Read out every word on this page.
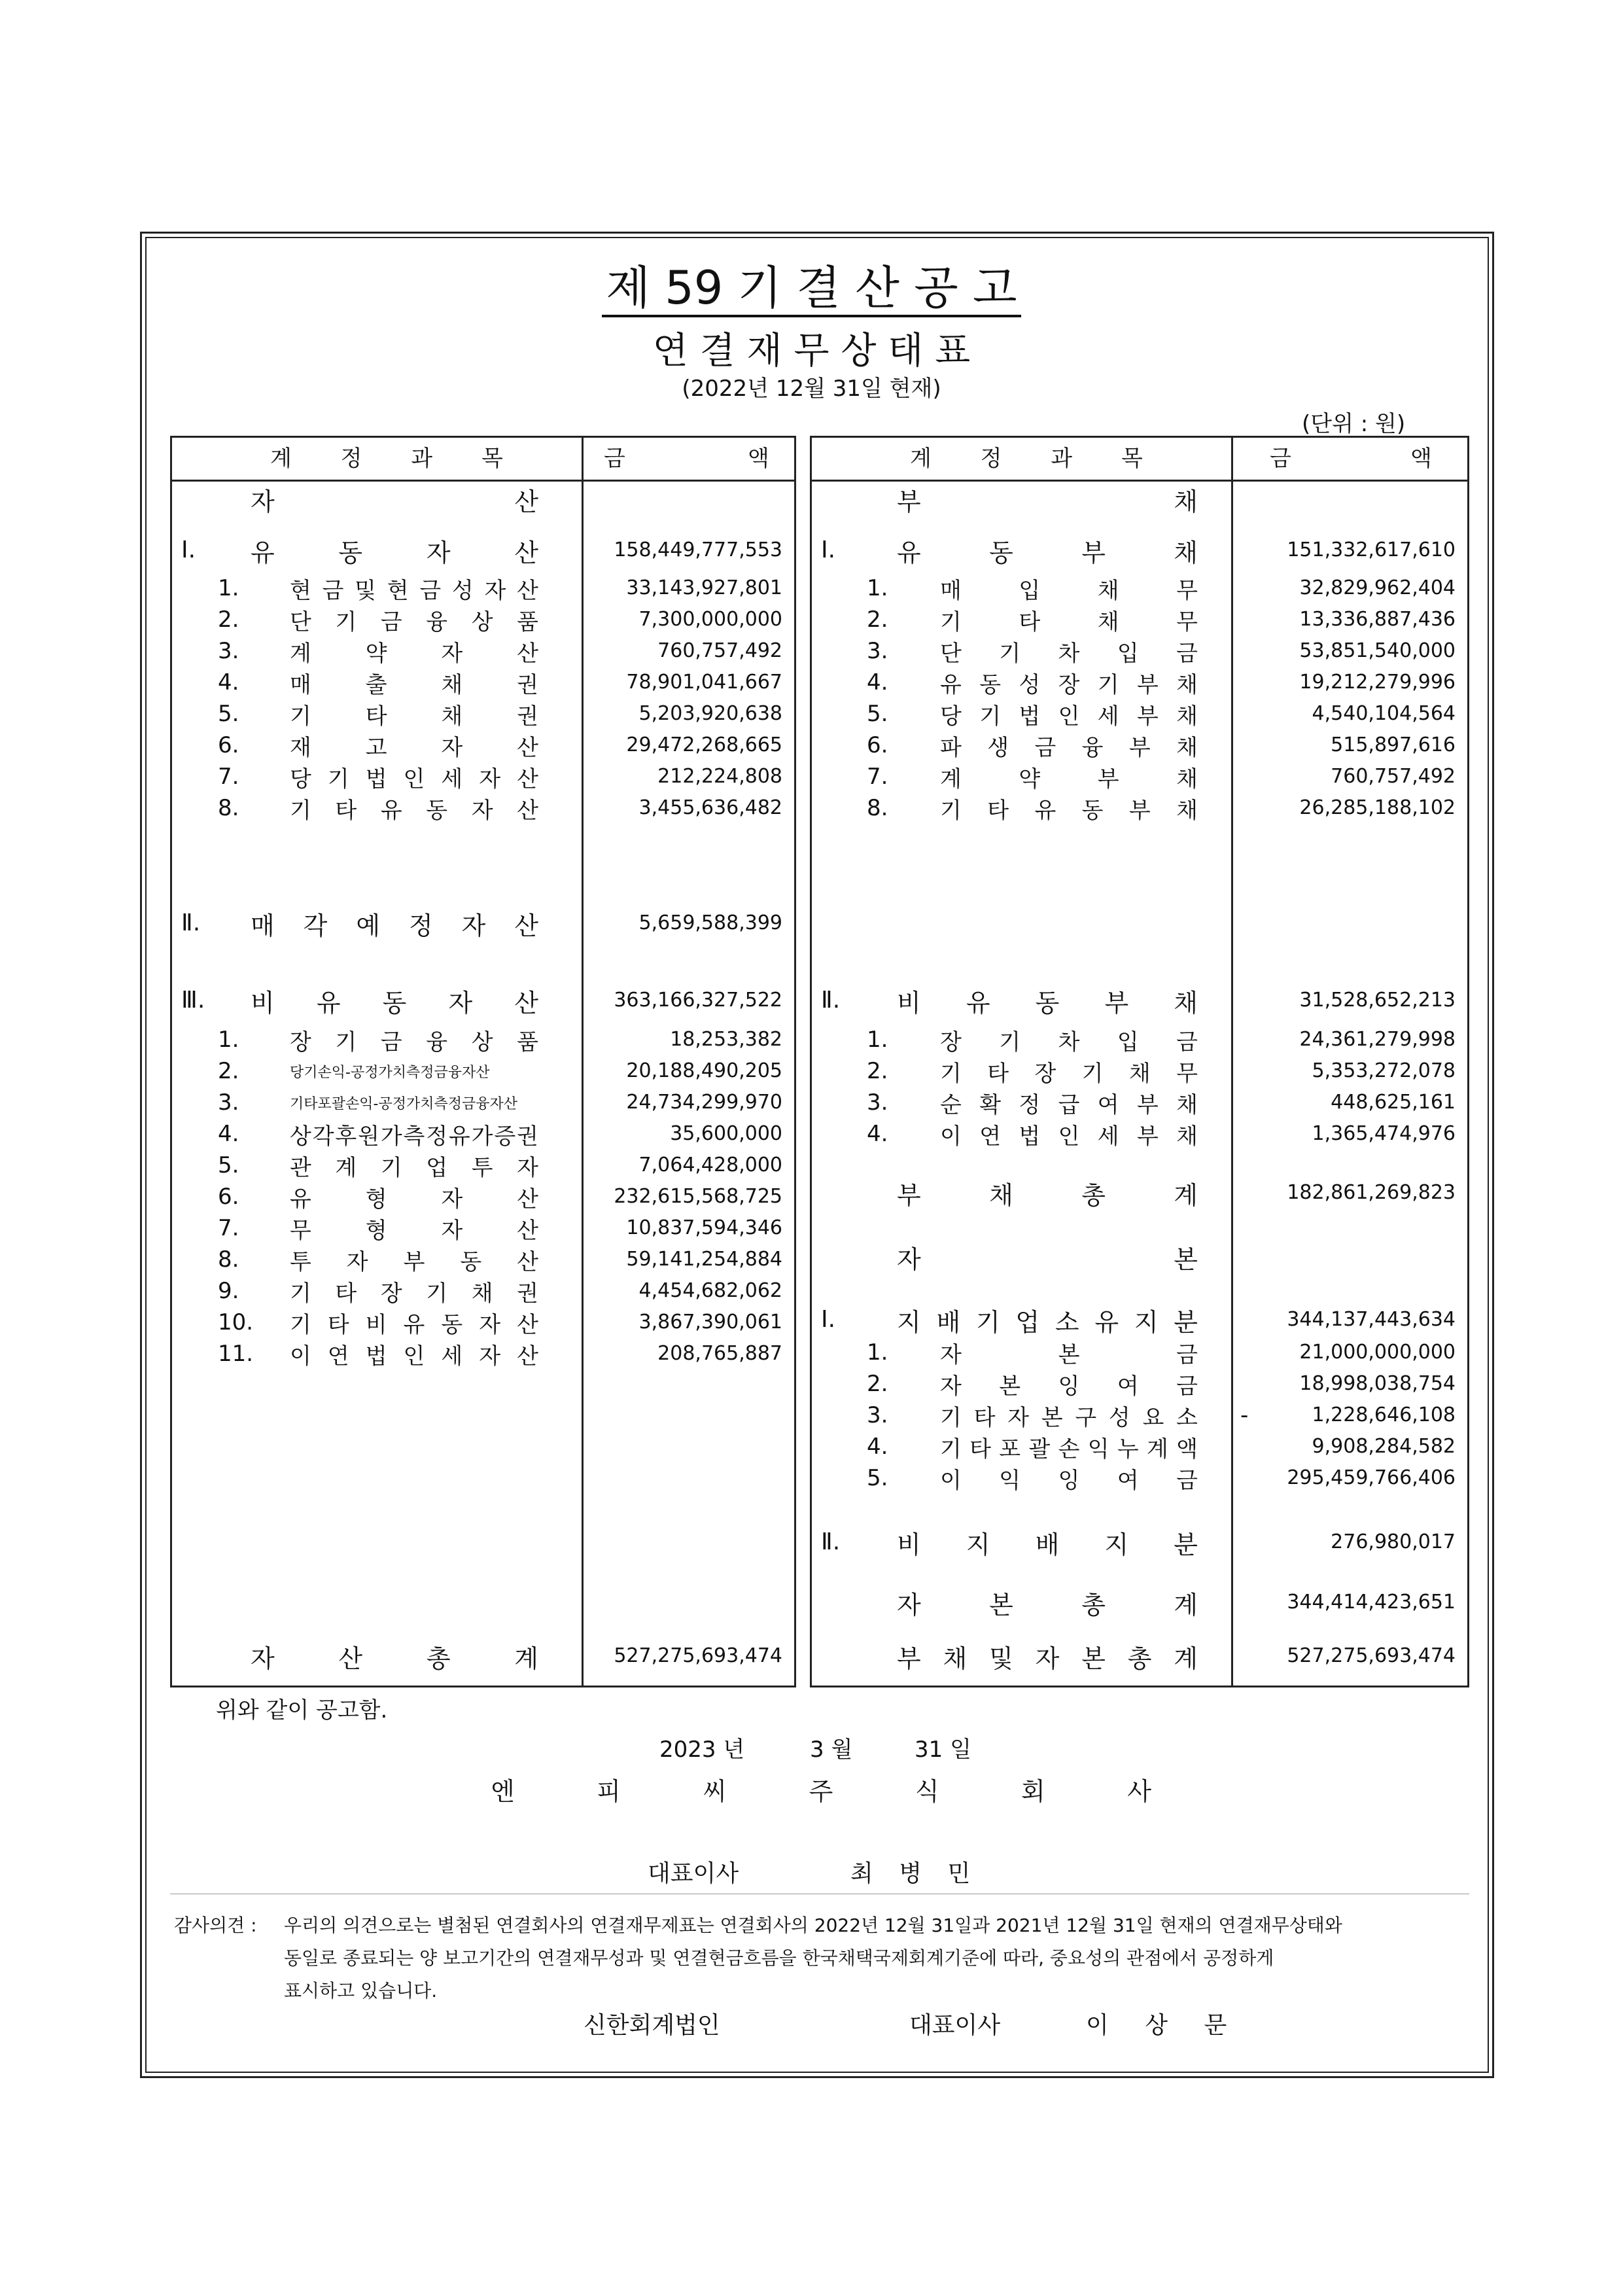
제 59 기 결 산 공 고
연 결 재 무 상 태 표
(2022년 12월 31일 현재)
(단위 : 원)
계 정 과 목	금	액
자	산
Ⅰ. 유	동	자	산	158,449,777,553
1. 현 금 및 현 금 성 자 산	33,143,927,801
2. 단 기 금 융 상 품	7,300,000,000
3. 계 약 자 산	760,757,492
4. 매 출 채 권	78,901,041,667
5. 기 타 채 권	5,203,920,638
6. 재 고 자 산	29,472,268,665
7. 당 기 법 인 세 자 산	212,224,808
8. 기 타 유 동 자 산	3,455,636,482
Ⅱ. 매 각 예 정 자 산	5,659,588,399
Ⅲ. 비 유 동 자 산	363,166,327,522
1. 장 기 금 융 상 품	18,253,382
2.	당기손익-공정가치측정금융자산	20,188,490,205
3.	기타포괄손익-공정가치측정금융자산	24,734,299,970
4. 상 각 후 원 가 측 정 유 가 증 권	35,600,000
5. 관 계 기 업 투 자	7,064,428,000
6. 유 형 자 산	232,615,568,725
7. 무 형 자 산	10,837,594,346
8. 투 자 부 동 산	59,141,254,884
9. 기 타 장 기 채 권	4,454,682,062
10. 기 타 비 유 동 자 산	3,867,390,061
11. 이 연 법 인 세 자 산	208,765,887
자	산	총	계	527,275,693,474
계 정 과 목	금	액
부	채
Ⅰ. 유	동	부	채	151,332,617,610
1. 매	입	채	무	32,829,962,404
2. 기	타	채	무	13,336,887,436
3. 단 기 차 입 금	53,851,540,000
4. 유 동 성 장 기 부 채	19,212,279,996
5. 당 기 법 인 세 부 채	4,540,104,564
6. 파 생 금 융 부 채	515,897,616
7. 계	약	부	채	760,757,492
8. 기 타 유 동 부 채	26,285,188,102
Ⅱ. 비 유 동 부 채	31,528,652,213
1. 장 기 차 입 금	24,361,279,998
2. 기 타 장 기 채 무	5,353,272,078
3. 순 확 정 급 여 부 채	448,625,161
4. 이 연 법 인 세 부 채	1,365,474,976
부	채	총	계	182,861,269,823
자	본
Ⅰ. 지 배 기 업 소 유 지 분	344,137,443,634
1. 자	본	금	21,000,000,000
2. 자 본 잉 여 금	18,998,038,754
3. 기 타 자 본 구 성 요 소 -	1,228,646,108
4. 기 타 포 괄 손 익 누 계 액	9,908,284,582
5. 이 익 잉 여 금	295,459,766,406
Ⅱ. 비 지 배 지 분	276,980,017
자	본	총	계	344,414,423,651
부 채 및 자 본 총 계	527,275,693,474
위와 같이 공고함.
2023 년	3 월	31 일
엔	피	씨	주	식	회	사
대표이사	최 병 민
감사의견 : 우리의 의견으로는 별첨된 연결회사의 연결재무제표는 연결회사의 2022년 12월 31일과 2021년 12월 31일 현재의 연결재무상태와
동일로 종료되는 양 보고기간의 연결재무성과 및 연결현금흐름을 한국채택국제회계기준에 따라, 중요성의 관점에서 공정하게
표시하고 있습니다.
신한회계법인	대표이사	이 상 문
